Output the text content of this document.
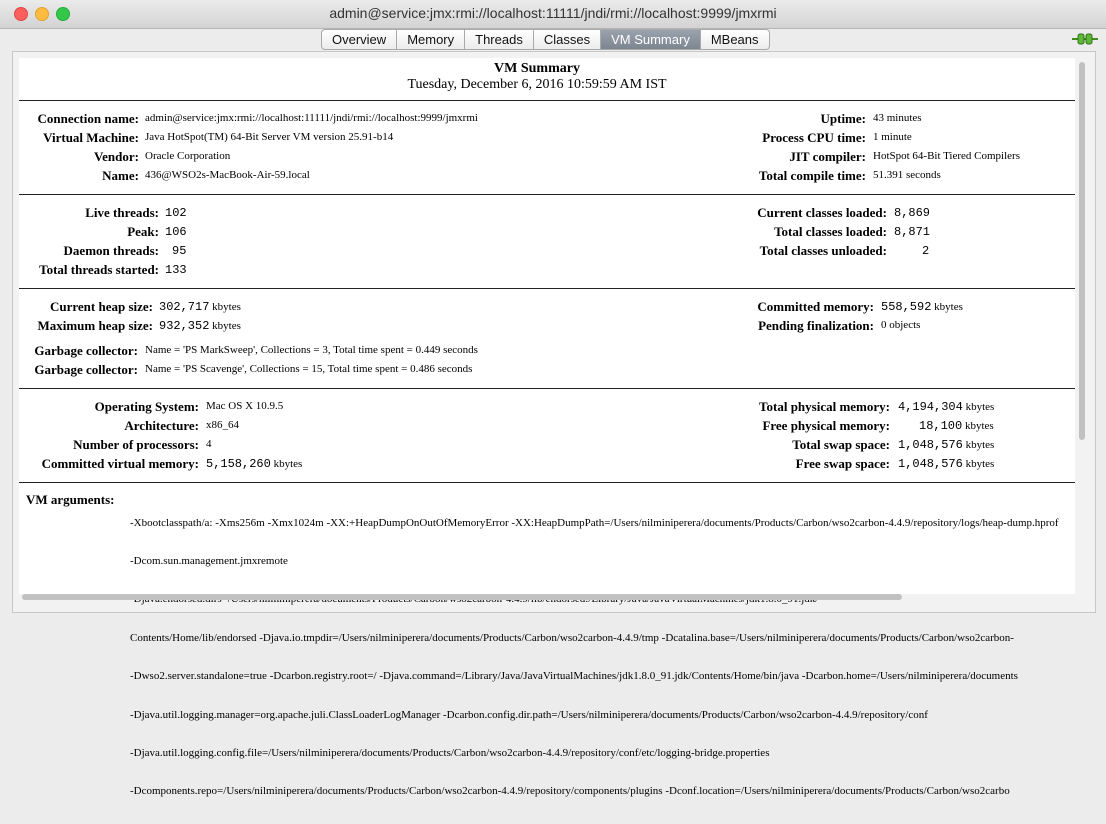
admin@service:jmx:rmi://localhost:11111/jndi/rmi://localhost:9999/jmxrmi
Overview	Memory	Threads	Classes	VM Summary	MBeans
VM Summary
Tuesday, December 6, 2016 10:59:59 AM IST
Connection name: admin@service:jmx:rmi://localhost:11111/jndi/rmi://localhost:9999/jmxrmi
Virtual Machine: Java HotSpot(TM) 64-Bit Server VM version 25.91-b14
Vendor: Oracle Corporation
Name: 436@WSO2s-MacBook-Air-59.local
Uptime: 43 minutes
Process CPU time: 1 minute
JIT compiler: HotSpot 64-Bit Tiered Compilers
Total compile time: 51.391 seconds
Live threads: 102
Peak: 106
Daemon threads: 95
Total threads started: 133
Current classes loaded: 8,869
Total classes loaded: 8,871
Total classes unloaded:	2
Current heap size: 302,717 kbytes
Maximum heap size: 932,352 kbytes
Committed memory: 558,592 kbytes
Pending finalization: 0 objects
Garbage collector: Name = 'PS MarkSweep', Collections = 3, Total time spent = 0.449 seconds
Garbage collector: Name = 'PS Scavenge', Collections = 15, Total time spent = 0.486 seconds
Operating System: Mac OS X 10.9.5
Architecture: x86_64
Number of processors: 4
Committed virtual memory: 5,158,260 kbytes
Total physical memory: 4,194,304 kbytes
Free physical memory: 18,100 kbytes
Total swap space: 1,048,576 kbytes
Free swap space: 1,048,576 kbytes
VM arguments:

-Xbootclasspath/a: -Xms256m -Xmx1024m -XX:+HeapDumpOnOutOfMemoryError -XX:HeapDumpPath=/Users/nilminiperera/documents/Products/Carbon/wso2carbon-4.4.9/repository/logs/heap-dump.hprof

-Dcom.sun.management.jmxremote

Contents/Home/lib/endorsed -Djava.io.tmpdir=/Users/nilminiperera/documents/Products/Carbon/wso2carbon-4.4.9/tmp -Dcatalina.base=/Users/nilminiperera/documents/Products/Carbon/wso2carbon-

-Dwso2.server.standalone=true -Dcarbon.registry.root=/ -Djava.command=/Library/Java/JavaVirtualMachines/jdk1.8.0_91.jdk/Contents/Home/bin/java -Dcarbon.home=/Users/nilminiperera/documents

-Djava.util.logging.manager=org.apache.juli.ClassLoaderLogManager -Dcarbon.config.dir.path=/Users/nilminiperera/documents/Products/Carbon/wso2carbon-4.4.9/repository/conf

-Djava.util.logging.config.file=/Users/nilminiperera/documents/Products/Carbon/wso2carbon-4.4.9/repository/conf/etc/logging-bridge.properties

-Dcomponents.repo=/Users/nilminiperera/documents/Products/Carbon/wso2carbon-4.4.9/repository/components/plugins -Dconf.location=/Users/nilminiperera/documents/Products/Carbon/wso2carbo
